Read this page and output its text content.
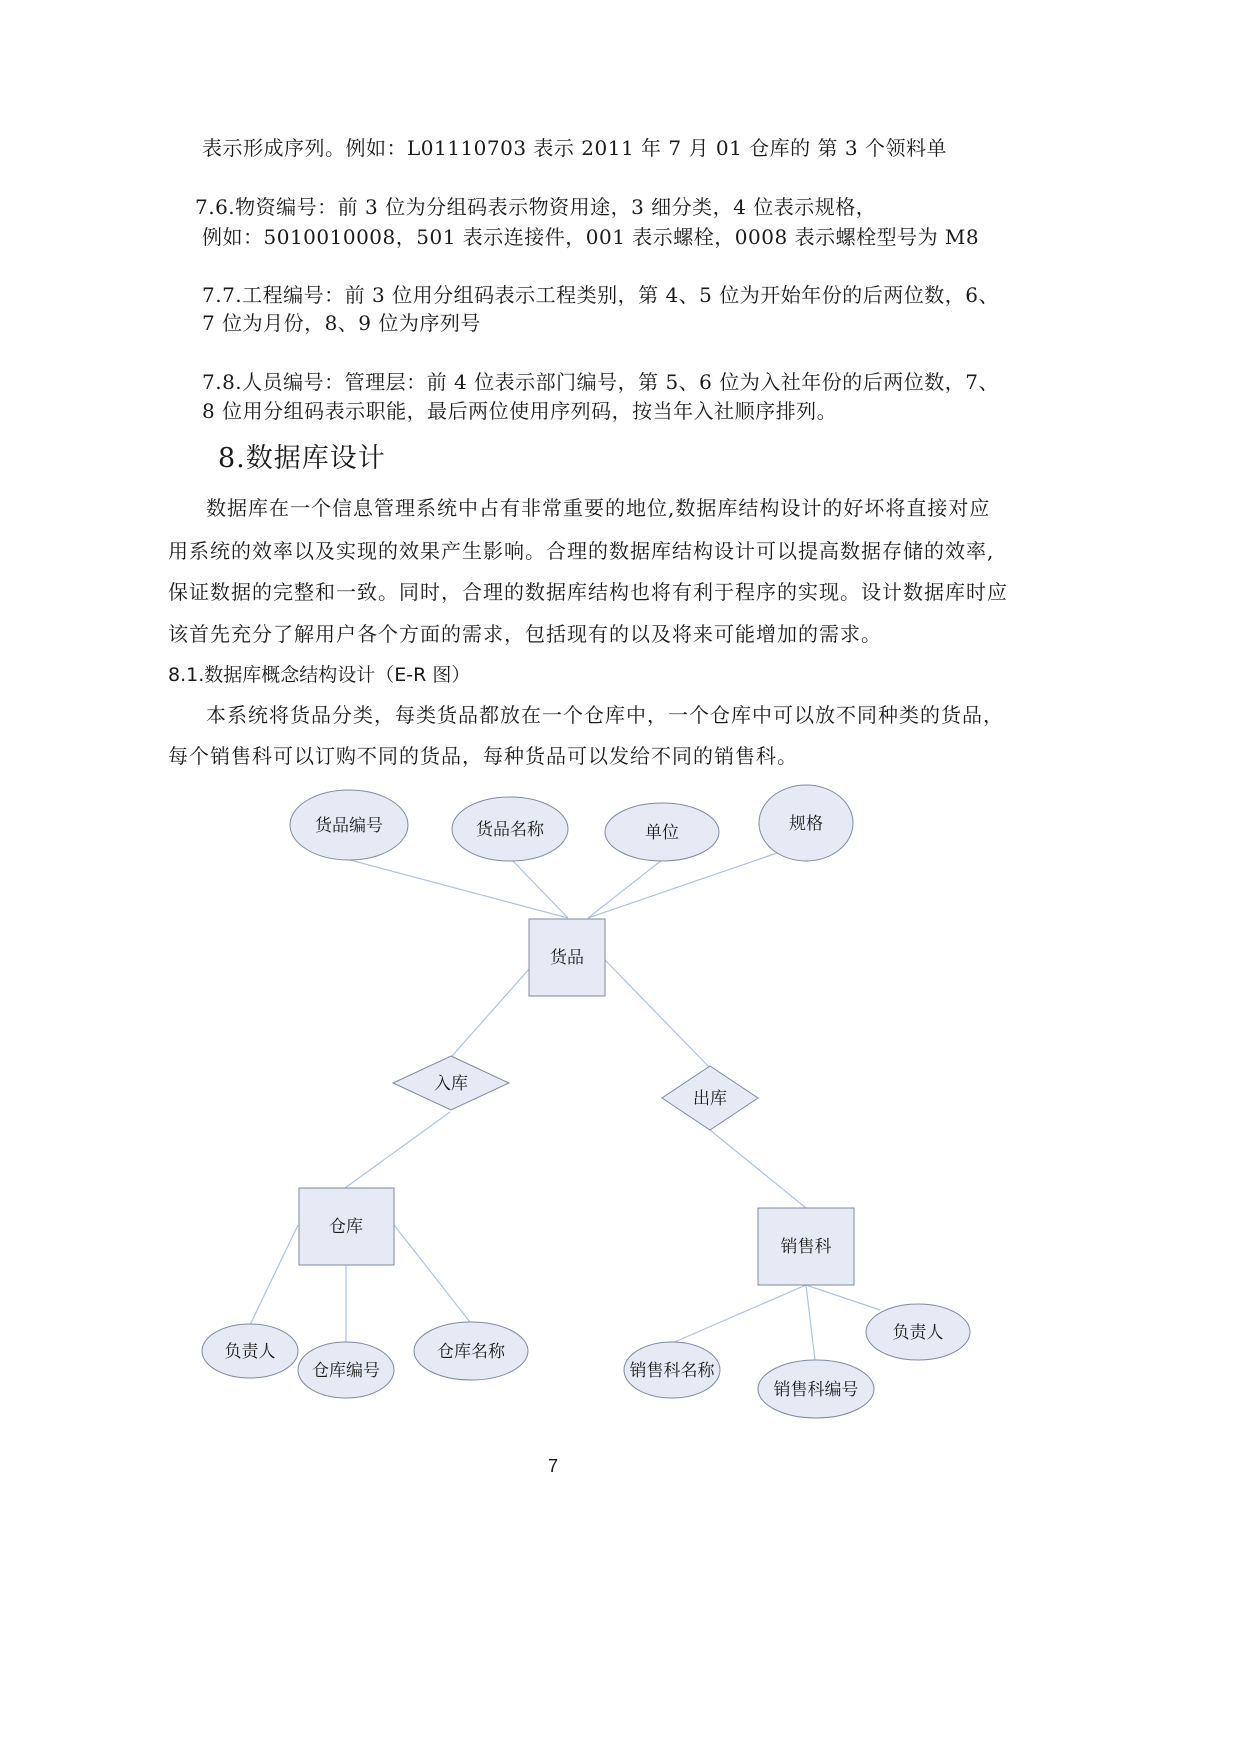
表示形成序列。例如：L01110703 表示 2011 年 7 月 01 仓库的 第 3 个领料单
7.6.物资编号：前 3 位为分组码表示物资用途，3 细分类，4 位表示规格，
例如：5010010008，501 表示连接件，001 表示螺栓，0008 表示螺栓型号为 M8
7.7.工程编号：前 3 位用分组码表示工程类别，第 4、5 位为开始年份的后两位数，6、
7 位为月份，8、9 位为序列号
7.8.人员编号：管理层：前 4 位表示部门编号，第 5、6 位为入社年份的后两位数，7、
8 位用分组码表示职能，最后两位使用序列码，按当年入社顺序排列。
8.数据库设计
数据库在一个信息管理系统中占有非常重要的地位,数据库结构设计的好坏将直接对应
用系统的效率以及实现的效果产生影响。合理的数据库结构设计可以提高数据存储的效率,
保证数据的完整和一致。同时，合理的数据库结构也将有利于程序的实现。设计数据库时应
该首先充分了解用户各个方面的需求，包括现有的以及将来可能增加的需求。
8.1.数据库概念结构设计（E-R 图）
本系统将货品分类，每类货品都放在一个仓库中，一个仓库中可以放不同种类的货品，
每个销售科可以订购不同的货品，每种货品可以发给不同的销售科。
货品编号	货品名称	单位	规格
货品
入库
出库
仓库
销售科
负责人
仓库编号
仓库名称
销售科名称
销售科编号
负责人
7
